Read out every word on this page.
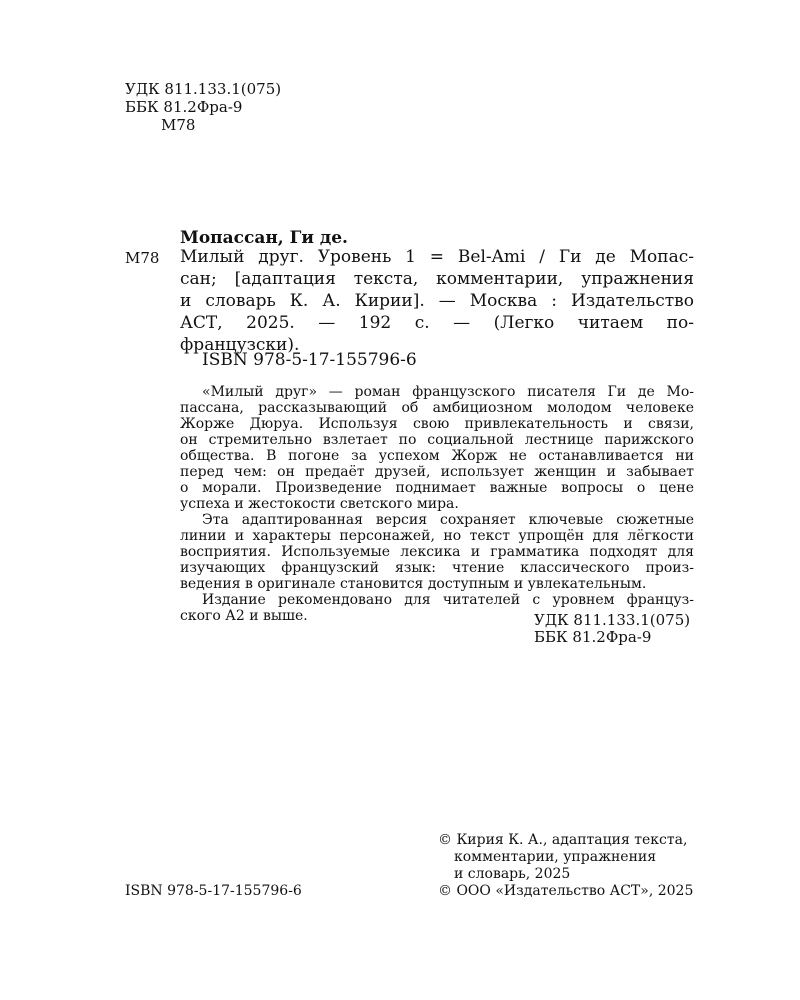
УДК 811.133.1(075)
ББК 81.2Фра-9
М78
Мопассан, Ги де.
М78 Милый друг. Уровень 1 = Bel-Ami / Ги де Мопас-
сан; [адаптация текста, комментарии, упражнения
и словарь К. А. Кирии]. — Москва : Издательство
АСТ, 2025. — 192 с. — (Легко читаем по-
французски).
ISBN 978-5-17-155796-6
«Милый друг» — роман французского писателя Ги де Мо-
пассана, рассказывающий об амбициозном молодом человеке
Жорже Дюруа. Используя свою привлекательность и связи,
он стремительно взлетает по социальной лестнице парижского
общества. В погоне за успехом Жорж не останавливается ни
перед чем: он предаёт друзей, использует женщин и забывает
о морали. Произведение поднимает важные вопросы о цене
успеха и жестокости светского мира.
Эта адаптированная версия сохраняет ключевые сюжетные
линии и характеры персонажей, но текст упрощён для лёгкости
восприятия. Используемые лексика и грамматика подходят для
изучающих французский язык: чтение классического произ-
ведения в оригинале становится доступным и увлекательным.
Издание рекомендовано для читателей с уровнем француз-
ского А2 и выше.	УДК 811.133.1(075)
ББК 81.2Фра-9
© Кирия К. А., адаптация текста,
комментарии, упражнения
и словарь, 2025
© ООО «Издательство АСТ», 2025
ISBN 978-5-17-155796-6
